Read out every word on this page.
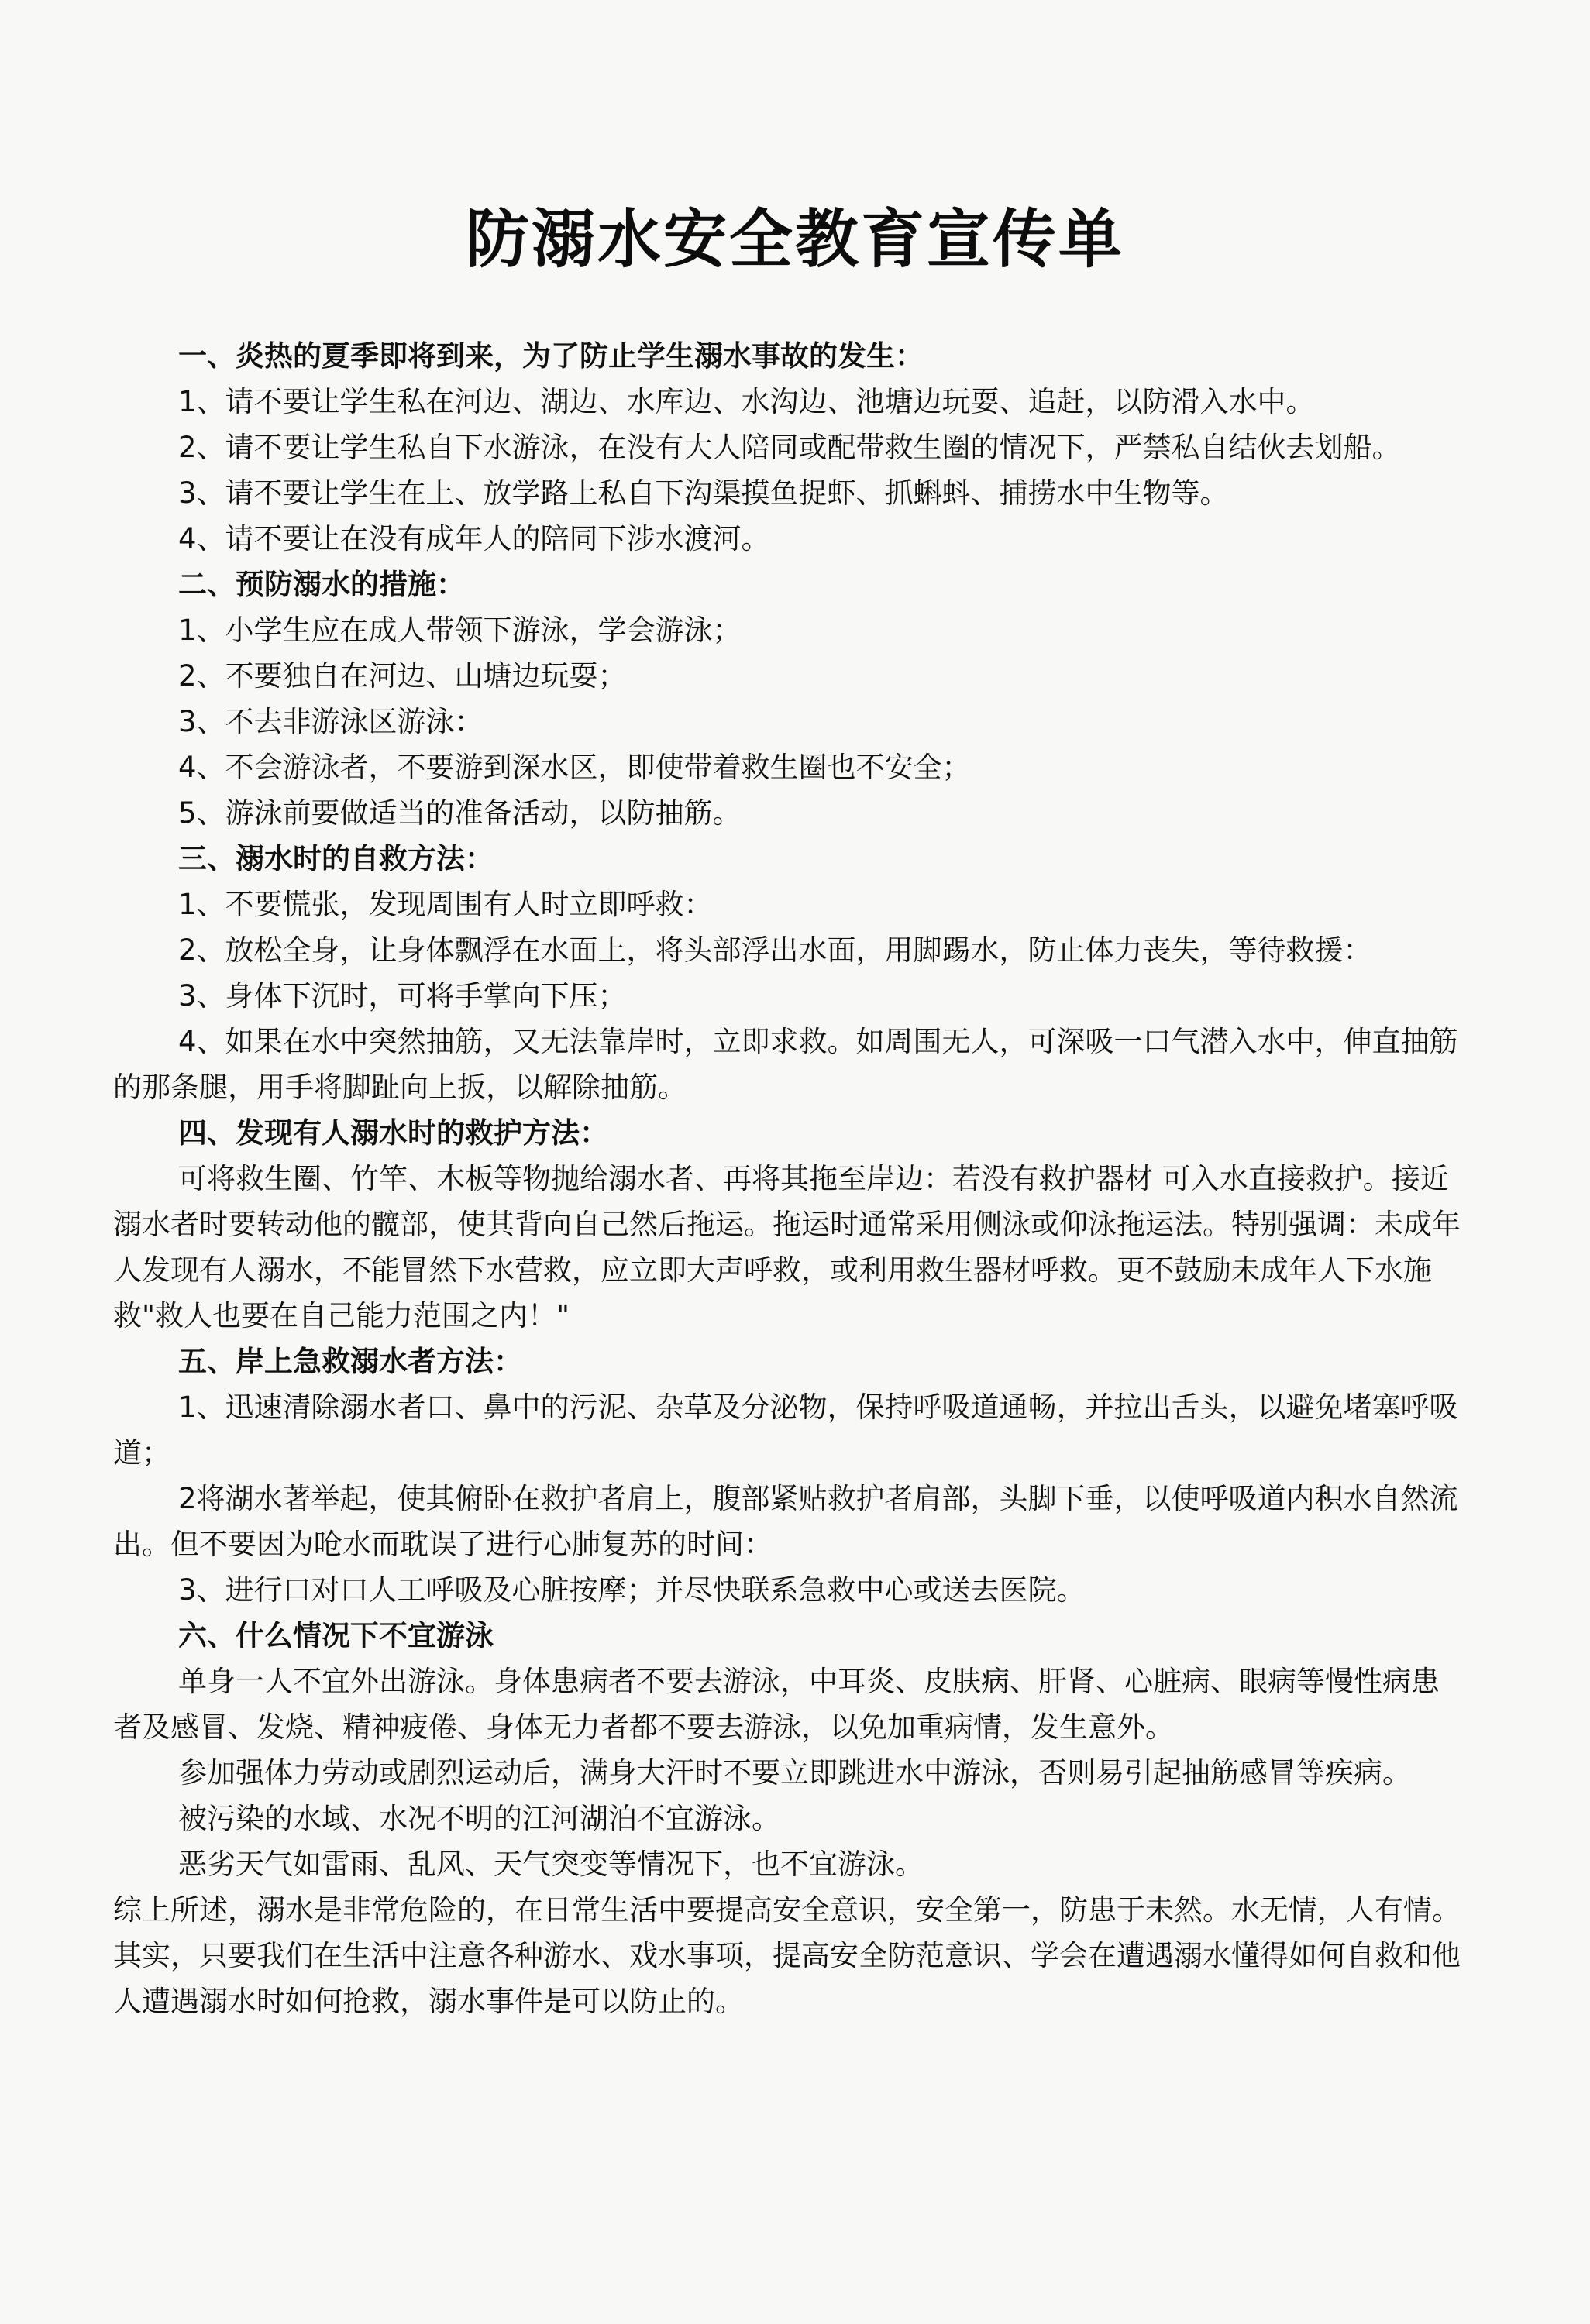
防溺水安全教育宣传单
一、炎热的夏季即将到来，为了防止学生溺水事故的发生：
1、请不要让学生私在河边、湖边、水库边、水沟边、池塘边玩耍、追赶，以防滑入水中。
2、请不要让学生私自下水游泳，在没有大人陪同或配带救生圈的情况下，严禁私自结伙去划船。
3、请不要让学生在上、放学路上私自下沟渠摸鱼捉虾、抓蝌蚪、捕捞水中生物等。
4、请不要让在没有成年人的陪同下涉水渡河。
二、预防溺水的措施：
1、小学生应在成人带领下游泳，学会游泳；
2、不要独自在河边、山塘边玩耍；
3、不去非游泳区游泳：
4、不会游泳者，不要游到深水区，即使带着救生圈也不安全；
5、游泳前要做适当的准备活动，以防抽筋。
三、溺水时的自救方法：
1、不要慌张，发现周围有人时立即呼救：
2、放松全身，让身体飘浮在水面上，将头部浮出水面，用脚踢水，防止体力丧失，等待救援：
3、身体下沉时，可将手掌向下压；
4、如果在水中突然抽筋，又无法靠岸时，立即求救。如周围无人，可深吸一口气潜入水中，伸直抽筋的那条腿，用手将脚趾向上扳，以解除抽筋。
四、发现有人溺水时的救护方法：
可将救生圈、竹竿、木板等物抛给溺水者、再将其拖至岸边：若没有救护器材 可入水直接救护。接近溺水者时要转动他的髋部，使其背向自己然后拖运。拖运时通常采用侧泳或仰泳拖运法。特别强调：未成年人发现有人溺水，不能冒然下水营救，应立即大声呼救，或利用救生器材呼救。更不鼓励未成年人下水施救"救人也要在自己能力范围之内！"
五、岸上急救溺水者方法：
1、迅速清除溺水者口、鼻中的污泥、杂草及分泌物，保持呼吸道通畅，并拉出舌头，以避免堵塞呼吸道；
2将湖水著举起，使其俯卧在救护者肩上，腹部紧贴救护者肩部，头脚下垂，以使呼吸道内积水自然流出。但不要因为呛水而耽误了进行心肺复苏的时间：
3、进行口对口人工呼吸及心脏按摩；并尽快联系急救中心或送去医院。
六、什么情况下不宜游泳
单身一人不宜外出游泳。身体患病者不要去游泳，中耳炎、皮肤病、肝肾、心脏病、眼病等慢性病患者及感冒、发烧、精神疲倦、身体无力者都不要去游泳，以免加重病情，发生意外。
参加强体力劳动或剧烈运动后，满身大汗时不要立即跳进水中游泳，否则易引起抽筋感冒等疾病。
被污染的水域、水况不明的江河湖泊不宜游泳。
恶劣天气如雷雨、乱风、天气突变等情况下，也不宜游泳。
综上所述，溺水是非常危险的，在日常生活中要提高安全意识，安全第一，防患于未然。水无情，人有情。其实，只要我们在生活中注意各种游水、戏水事项，提高安全防范意识、学会在遭遇溺水懂得如何自救和他人遭遇溺水时如何抢救，溺水事件是可以防止的。
